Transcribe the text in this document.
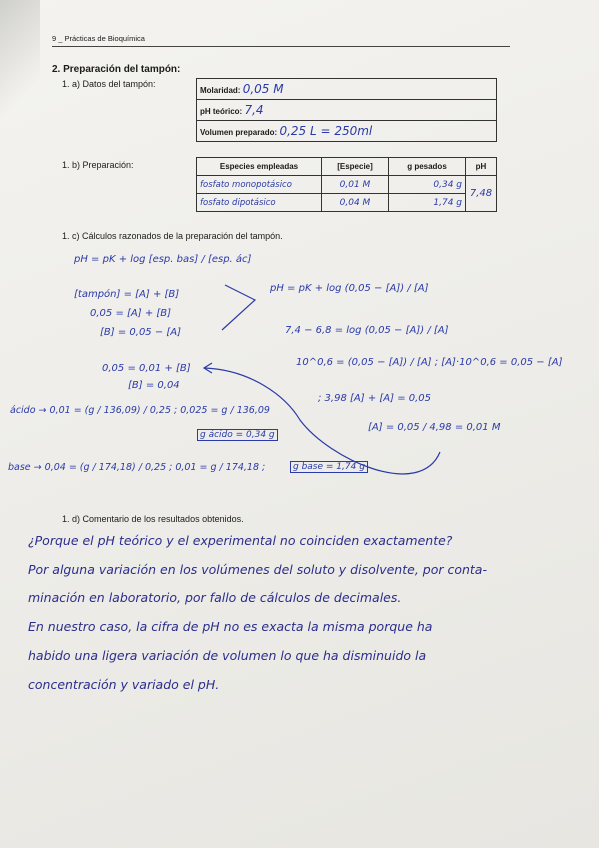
9 _ Prácticas de Bioquímica
2. Preparación del tampón:
1. a) Datos del tampón:
Molaridad: 0,05 M
pH teórico: 7,4
Volumen preparado: 0,25 L = 250ml
1. b) Preparación:	Especies empleadas	[Especie]	g pesados	pH
fosfato monopotásico	0,01 M	0,34 g	7,48
fosfato dipotásico	0,04 M	1,74 g	
1. c) Cálculos razonados de la preparación del tampón.
pH = pK + log [esp. bas] / [esp. ác]
[tampón] = [A] + [B]
0,05 = [A] + [B]
[B] = 0,05 − [A]
pH = pK + log (0,05 − [A]) / [A]
7,4 − 6,8 = log (0,05 − [A]) / [A]
10^0,6 = (0,05 − [A]) / [A] ; [A]·10^0,6 = 0,05 − [A]
; 3,98 [A] + [A] = 0,05
[A] = 0,05 / 4,98 = 0,01 M
0,05 = 0,01 + [B]
[B] = 0,04
ácido → 0,01 = (g / 136,09) / 0,25 ; 0,025 = g / 136,09
g ácido = 0,34 g
base → 0,04 = (g / 174,18) / 0,25 ; 0,01 = g / 174,18 ;	g base = 1,74 g
1. d) Comentario de los resultados obtenidos.
¿Porque el pH teórico y el experimental no coinciden exactamente?
Por alguna variación en los volúmenes del soluto y disolvente, por conta-
minación en laboratorio, por fallo de cálculos de decimales.
En nuestro caso, la cifra de pH no es exacta la misma porque ha
habido una ligera variación de volumen lo que ha disminuido la
concentración y variado el pH.
